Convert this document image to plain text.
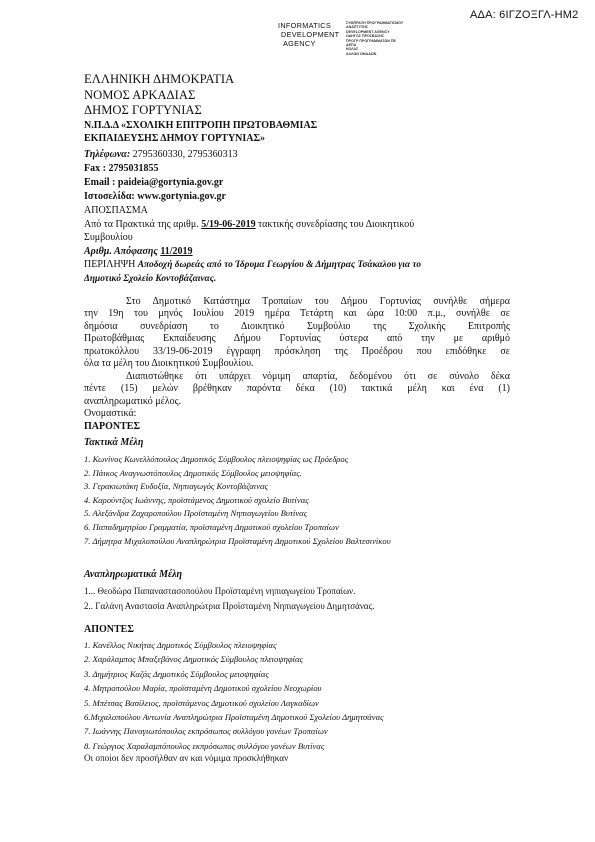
ΑΔΑ: 6ΙΓΖΟΞΓΛ-ΗΜ2
INFORMATICS
DEVELOPMENT
AGENCY
ΣΥΜΠΡΑΞΗ ΠΡΟΓΡΑΜΜΑΤΙΣΜΟΥ
ΑΝΑΠΤΥΞΗΣ
DEVELOPMENT AGENCY
ΟΔΗΓΟΣ ΠΡΟΣΒΑΣΗΣ
ΠΡΟΓΡ ΠΡΟΓΡΑΜΜΑΤΩΝ ΠΕ
ΔΕΠΑ
ΚΟΛΑΣ
ΑΛΛΩΝ ΟΜΑΔΩΝ
ΕΛΛΗΝΙΚΗ ΔΗΜΟΚΡΑΤΙΑ
ΝΟΜΟΣ ΑΡΚΑΔΙΑΣ
ΔΗΜΟΣ ΓΟΡΤΥΝΙΑΣ
Ν.Π.Δ.Δ «ΣΧΟΛΙΚΗ ΕΠΙΤΡΟΠΗ ΠΡΩΤΟΒΑΘΜΙΑΣ
ΕΚΠΑΙΔΕΥΣΗΣ ΔΗΜΟΥ ΓΟΡΤΥΝΙΑΣ»
Τηλέφωνα: 2795360330, 2795360313
Fax : 2795031855
Email : paideia@gortynia.gov.gr
Ιστοσελίδα: www.gortynia.gov.gr
ΑΠΟΣΠΑΣΜΑ
Από τα Πρακτικά της αριθμ. 5/19-06-2019 τακτικής συνεδρίασης του Διοικητικού
Συμβουλίου
Αριθμ. Απόφασης 11/2019
ΠΕΡΙΛΗΨΗ Αποδοχή δωρεάς από το Ίδρυμα Γεωργίου & Δήμητρας Τσάκαλου για το
Δημοτικό Σχολείο Κοντοβάζαινας.
Στο Δημοτικό Κατάστημα Τροπαίων του Δήμου Γορτυνίας συνήλθε σήμερα
την 19η του μηνός Ιουλίου 2019 ημέρα Τετάρτη και ώρα 10:00 π.μ., συνήλθε σε
δημόσια συνεδρίαση το Διοικητικό Συμβούλιο της Σχολικής Επιτροπής
Πρωτοβάθμιας Εκπαίδευσης Δήμου Γορτυνίας ύστερα από την με αριθμό
πρωτοκόλλου 33/19-06-2019 έγγραφη πρόσκληση της Προέδρου που επιδόθηκε σε
όλα τα μέλη του Διοικητικού Συμβουλίου.
Διαπιστώθηκε ότι υπάρχει νόμιμη απαρτία, δεδομένου ότι σε σύνολο δέκα
πέντε (15) μελών βρέθηκαν παρόντα δέκα (10) τακτικά μέλη και ένα (1)
αναπληρωματικό μέλος.
Ονομαστικά:
ΠΑΡΟΝΤΕΣ
Τακτικά Μέλη
1. Κωνίνος Κωνελλόπουλος Δημοτικός Σύμβουλος πλειοψηφίας ως Πρόεδρος
2. Πάικος Αναγνωστόπουλος Δημοτικός Σύμβουλος μειοψηφίας.
3. Γερακιωτάκη Ευδοξία, Νηπιαγωγός Κοντοβάζαινας
4. Καρούντζος Ιωάννης, προϊστάμενος Δημοτικού σχολείο Βυτίνας
5. Αλεξάνδρα Ζαχαροπούλου Προϊσταμένη Νηπιαγωγείου Βυτίνας
6. Παπαδημητρίου Γραμματία, προϊσταμένη Δημοτικού σχολείου Τροπαίων
7. Δήμητρα Μιχαλοπούλου Αναπληρώτρια Προϊσταμένη Δημοτικού Σχολείου Βαλτεσινίκου
Αναπληρωματικά Μέλη
1... Θεοδώρα Παπαναστασοπούλου Προϊσταμένη νηπιαγωγείου Τροπαίων.
2.. Γαλάνη Αναστασία Αναπληρώτρια Προϊσταμένη Νηπιαγωγείου Δημητσάνας.
ΑΠΟΝΤΕΣ
1. Κανέλλος Νικήτας Δημοτικός Σύμβουλος πλειοψηφίας
2. Χαράλαμπος Μπαξεβάνος Δημοτικός Σύμβουλος πλειοψηφίας
3. Δημήτριος Καζάς Δημοτικός Σύμβουλος μειοψηφίας
4. Μητροπούλου Μαρία, προϊσταμένη Δημοτικού σχολείου Νεοχωρίου
5. Μπέτσας Βασίλειος, προϊστάμενος Δημοτικού σχολείου Λαγκαδίων
6.Μιχαλοπούλου Αντωνία Αναπληρώτρια Προϊσταμένη Δημοτικού Σχολείου Δημητσάνας
7. Ιωάννης Παναγιωτόπουλος εκπρόσωπος συλλόγου γονέων Τροπαίων
8. Γεώργιος Χαραλαμπόπουλος εκπρόσωπος συλλόγου γονέων Βυτίνας
Οι οποίοι δεν προσήλθαν αν και νόμιμα προσκλήθηκαν
